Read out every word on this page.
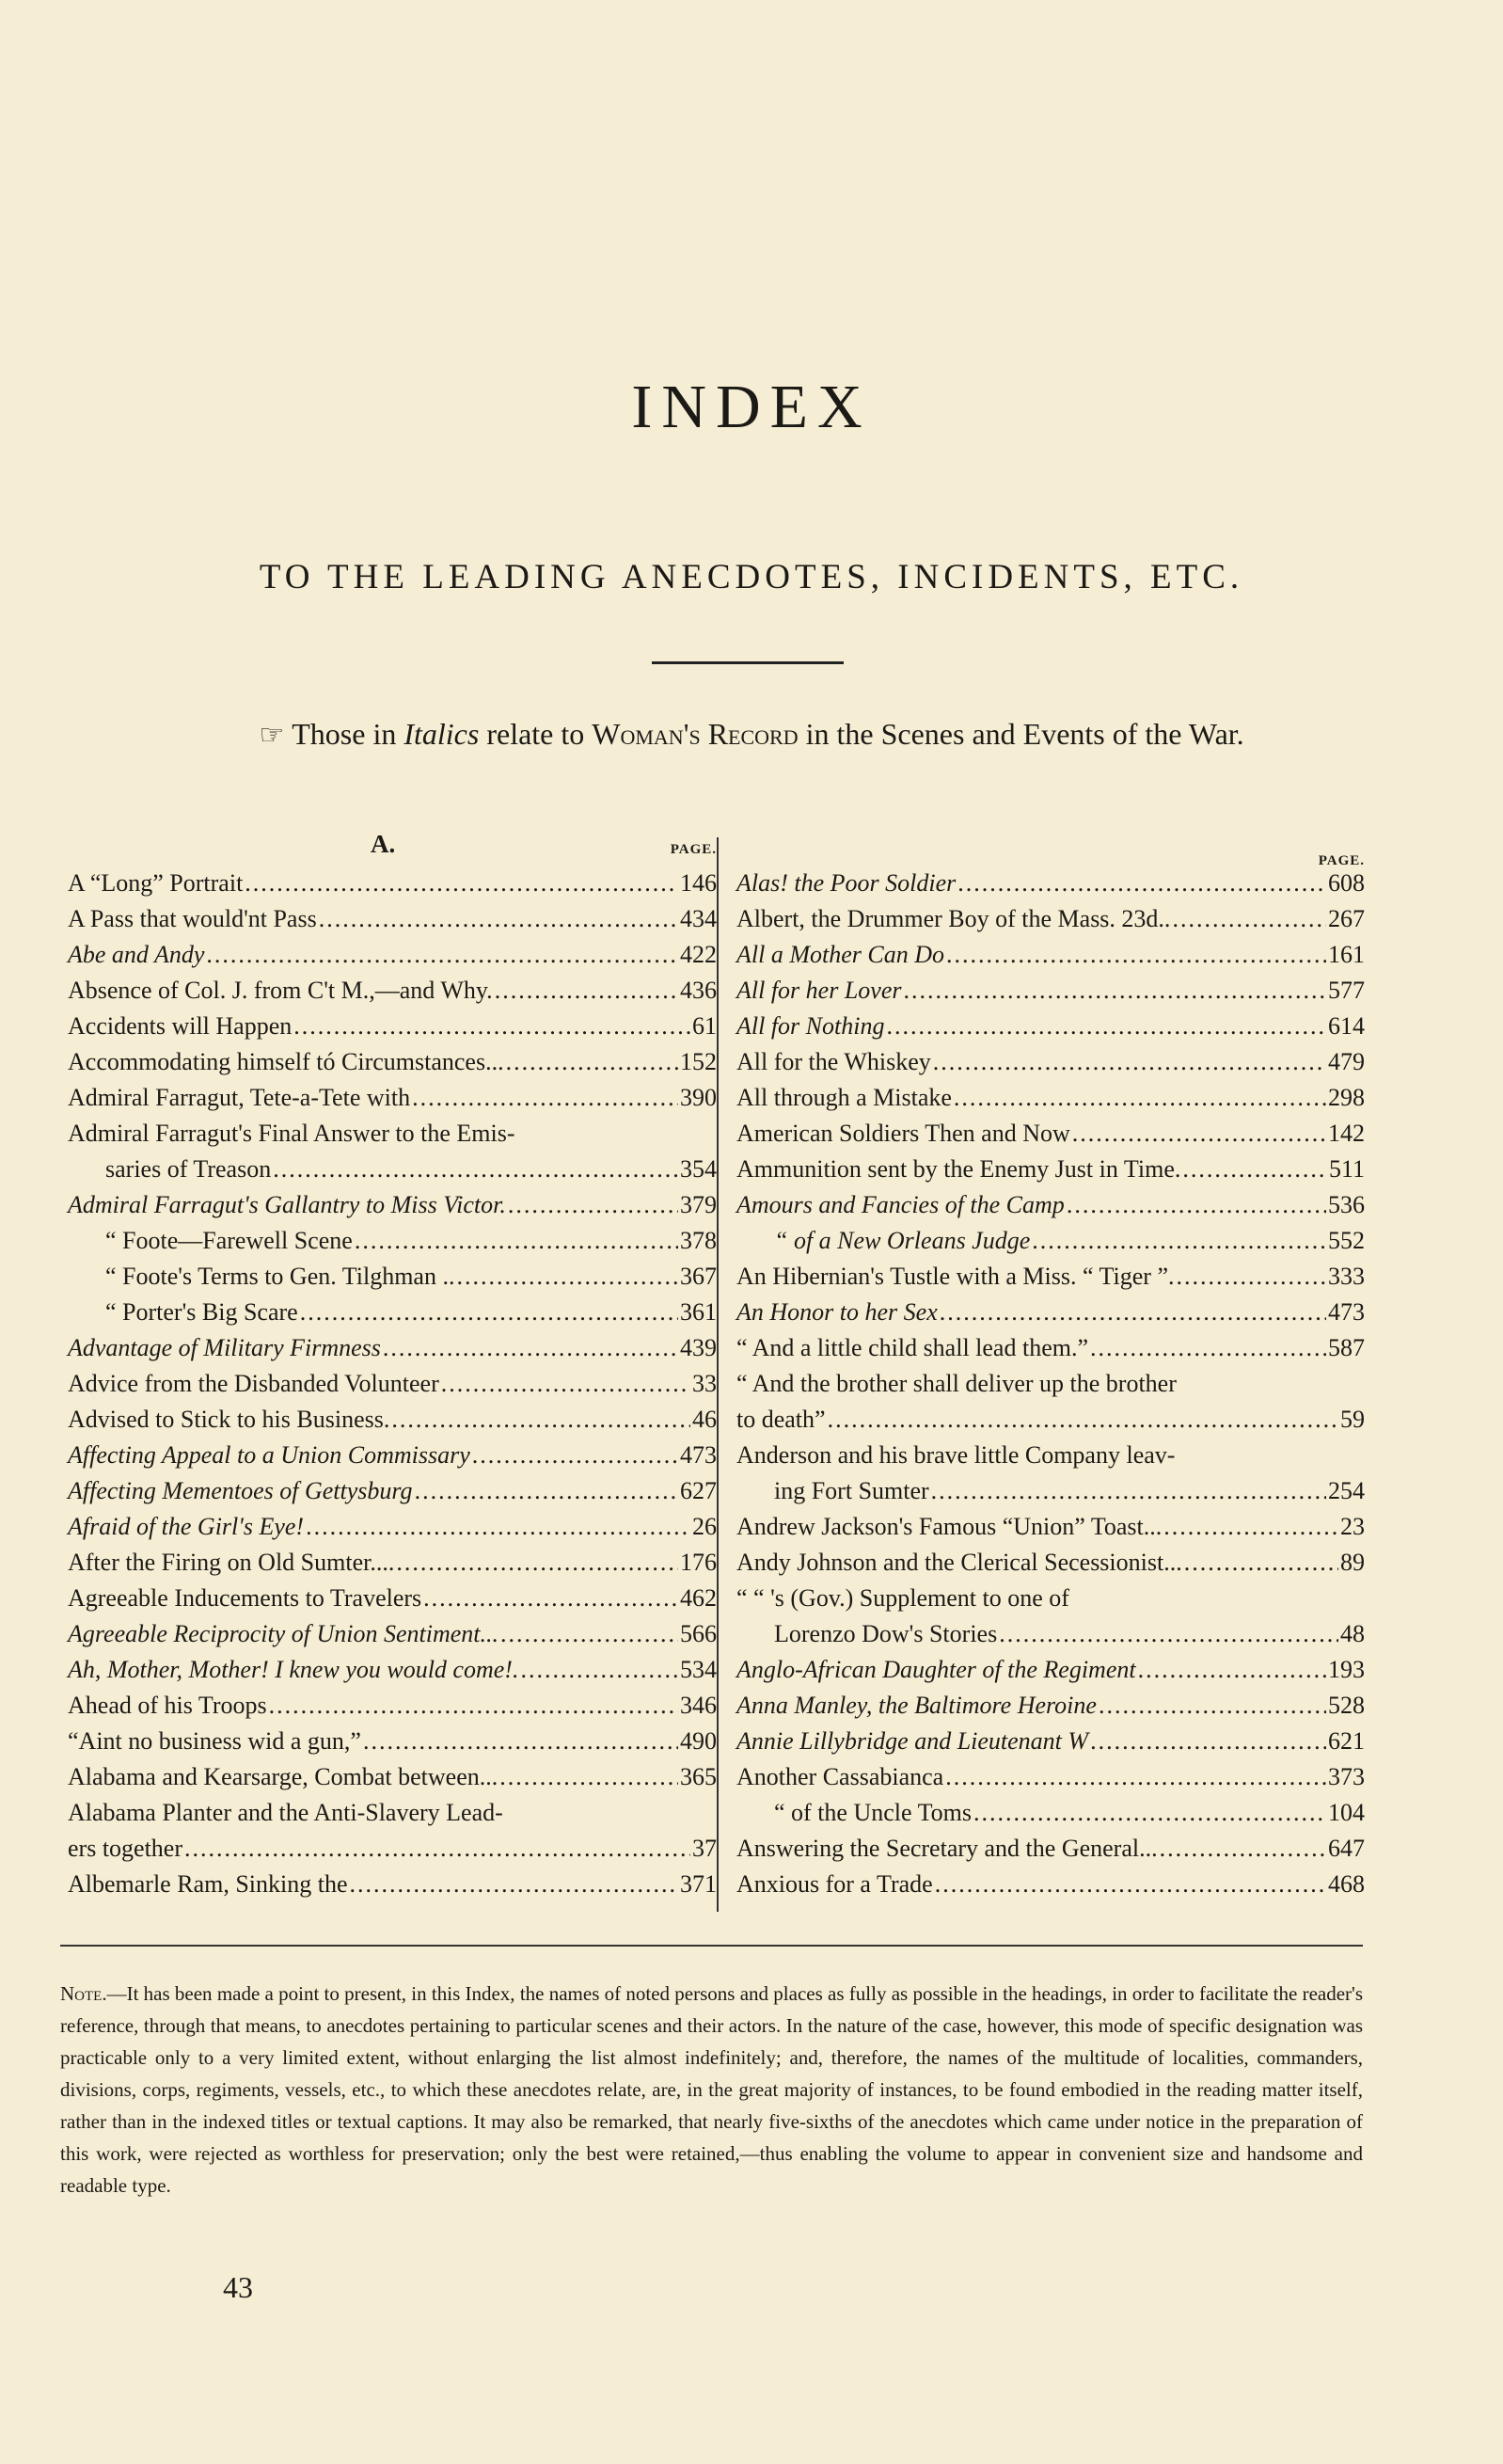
INDEX
TO THE LEADING ANECDOTES, INCIDENTS, ETC.
☞ Those in Italics relate to Woman's Record in the Scenes and Events of the War.
A.	PAGE.
A “Long” Portrait .....	146
A Pass that would'nt Pass .....	434
Abe and Andy .....	422
Absence of Col. J. from C't M.,—and Why. .....	436
Accidents will Happen .....	61
Accommodating himself tó Circumstances... .....	152
Admiral Farragut, Tete-a-Tete with .....	390
Admiral Farragut's Final Answer to the Emis-
saries of Treason .....	354
Admiral Farragut's Gallantry to Miss Victor. .....	379
“ Foote—Farewell Scene .....	378
“ Foote's Terms to Gen. Tilghman .. .....	367
“ Porter's Big Scare .....	361
Advantage of Military Firmness .....	439
Advice from the Disbanded Volunteer .....	33
Advised to Stick to his Business. .....	46
Affecting Appeal to a Union Commissary .....	473
Affecting Mementoes of Gettysburg .....	627
Afraid of the Girl's Eye! .....	26
After the Firing on Old Sumter.... .....	176
Agreeable Inducements to Travelers .....	462
Agreeable Reciprocity of Union Sentiment... .....	566
Ah, Mother, Mother! I knew you would come!. .....	534
Ahead of his Troops .....	346
“Aint no business wid a gun,” .....	490
Alabama and Kearsarge, Combat between... .....	365
Alabama Planter and the Anti-Slavery Lead-
ers together .....	37
Albemarle Ram, Sinking the .....	371
PAGE.
Alas! the Poor Soldier .....	608
Albert, the Drummer Boy of the Mass. 23d.. .....	267
All a Mother Can Do .....	161
All for her Lover .....	577
All for Nothing .....	614
All for the Whiskey .....	479
All through a Mistake .....	298
American Soldiers Then and Now .....	142
Ammunition sent by the Enemy Just in Time. .....	511
Amours and Fancies of the Camp .....	536
“ of a New Orleans Judge .....	552
An Hibernian's Tustle with a Miss. “ Tiger ”. .....	333
An Honor to her Sex .....	473
“ And a little child shall lead them.” .....	587
“ And the brother shall deliver up the brother
to death” .....	59
Anderson and his brave little Company leav-
ing Fort Sumter .....	254
Andrew Jackson's Famous “Union” Toast... .....	23
Andy Johnson and the Clerical Secessionist... .....	89
“ “ 's (Gov.) Supplement to one of
Lorenzo Dow's Stories .....	48
Anglo-African Daughter of the Regiment .....	193
Anna Manley, the Baltimore Heroine .....	528
Annie Lillybridge and Lieutenant W .....	621
Another Cassabianca .....	373
“ of the Uncle Toms .....	104
Answering the Secretary and the General... .....	647
Anxious for a Trade .....	468
Note.—It has been made a point to present, in this Index, the names of noted persons and places as fully as possible in the headings, in order to facilitate the reader's reference, through that means, to anecdotes pertaining to particular scenes and their actors. In the nature of the case, however, this mode of specific designation was practicable only to a very limited extent, without enlarging the list almost indefinitely; and, therefore, the names of the multitude of localities, commanders, divisions, corps, regiments, vessels, etc., to which these anecdotes relate, are, in the great majority of instances, to be found embodied in the reading matter itself, rather than in the indexed titles or textual captions. It may also be remarked, that nearly five-sixths of the anecdotes which came under notice in the preparation of this work, were rejected as worthless for preservation; only the best were retained,—thus enabling the volume to appear in convenient size and handsome and readable type.
43
